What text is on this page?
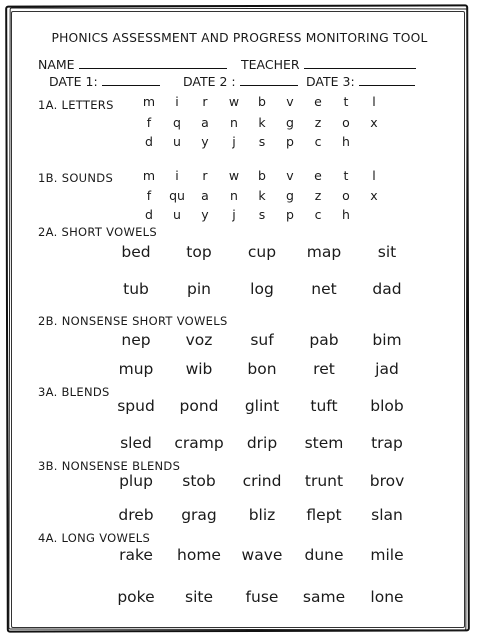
PHONICS ASSESSMENT AND PROGRESS MONITORING TOOL
NAME	TEACHER
DATE 1:	DATE 2 :	DATE 3:
1A. LETTERS
1B. SOUNDS
2A. SHORT VOWELS
2B. NONSENSE SHORT VOWELS
3A. BLENDS
3B. NONSENSE BLENDS
4A. LONG VOWELS
m	i	r	w	b	v	e	t	l
f	q	a	n	k	g	z	o	x
d	u	y	j	s	p	c	h
m	i	r	w	b	v	e	t	l
f	qu	a	n	k	g	z	o	x
d	u	y	j	s	p	c	h
bed	top	cup	map	sit
tub	pin	log	net	dad
nep	voz	suf	pab	bim
mup	wib	bon	ret	jad
spud	pond	glint	tuft	blob
sled	cramp	drip	stem	trap
plup	stob	crind	trunt	brov
dreb	grag	bliz	flept	slan
rake	home	wave	dune	mile
poke	site	fuse	same	lone
